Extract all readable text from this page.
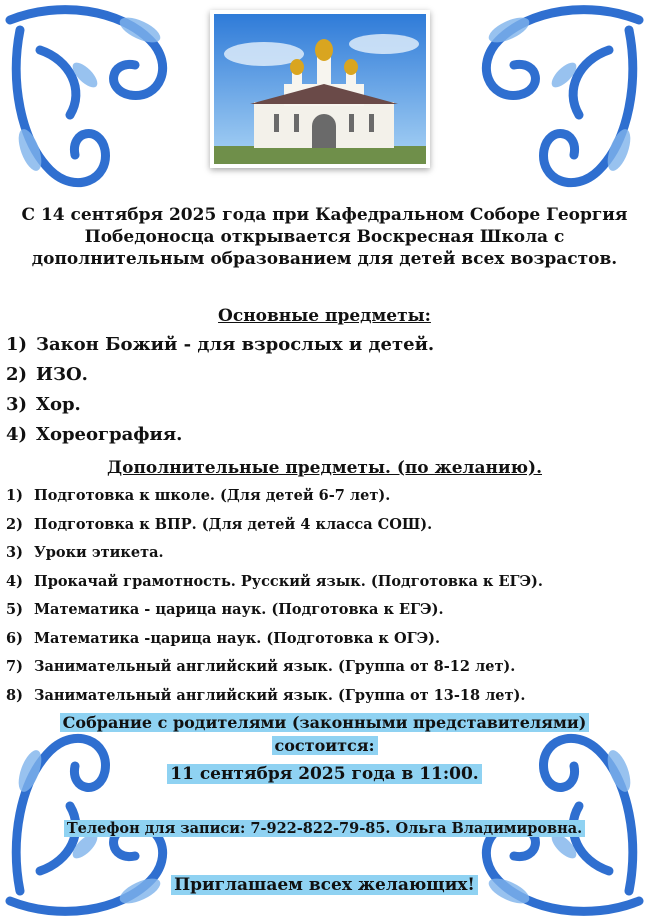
С 14 сентября 2025 года при Кафедральном Соборе Георгия Победоносца открывается Воскресная Школа с дополнительным образованием для детей всех возрастов.
Основные предметы:
1) Закон Божий - для взрослых и детей.
2) ИЗО.
3) Хор.
4) Хореография.
Дополнительные предметы. (по желанию).
1) Подготовка к школе. (Для детей 6-7 лет).
2) Подготовка к ВПР. (Для детей 4 класса СОШ).
3) Уроки этикета.
4) Прокачай грамотность. Русский язык. (Подготовка к ЕГЭ).
5) Математика - царица наук. (Подготовка к ЕГЭ).
6) Математика -царица наук. (Подготовка к ОГЭ).
7) Занимательный английский язык. (Группа от 8-12 лет).
8) Занимательный английский язык. (Группа от 13-18 лет).
Собрание с родителями (законными представителями)
состоится:
11 сентября 2025 года в 11:00.
Телефон для записи: 7-922-822-79-85. Ольга Владимировна.
Приглашаем всех желающих!
